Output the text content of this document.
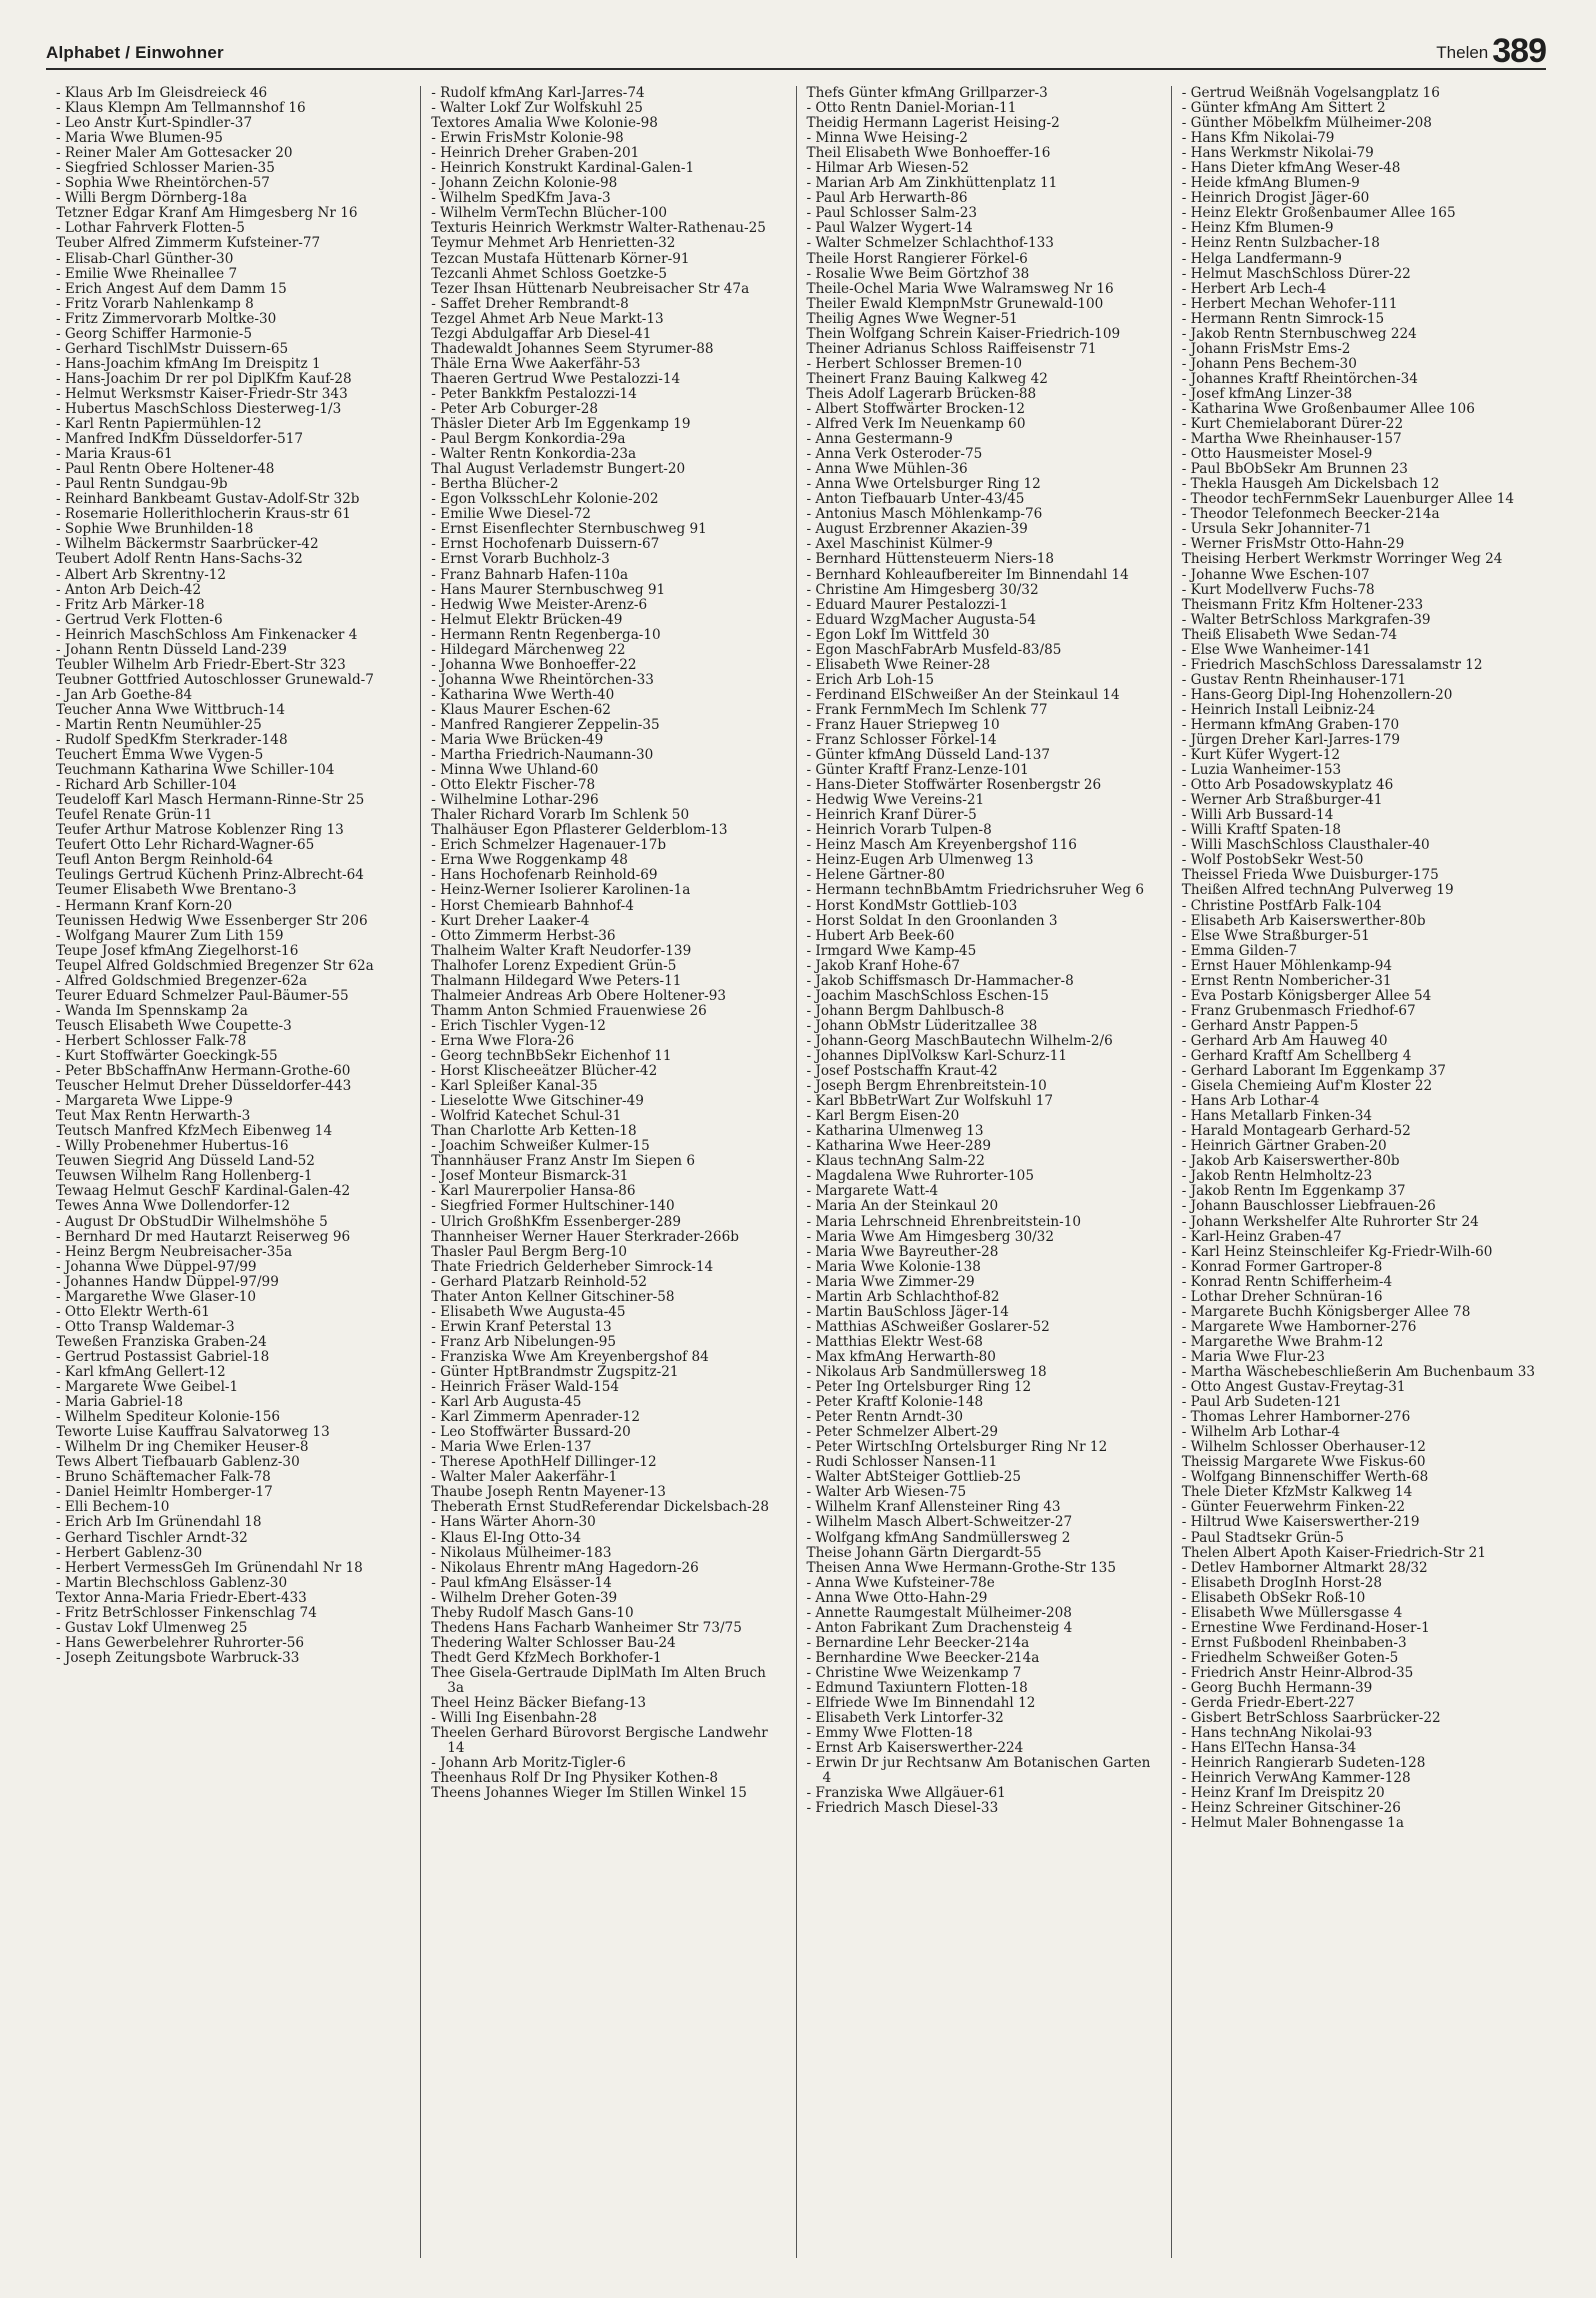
Alphabet / Einwohner	Thelen 389
- Klaus Arb Im Gleisdreieck 46
- Klaus Klempn Am Tellmannshof 16
- Leo Anstr Kurt-Spindler-37
- Maria Wwe Blumen-95
- Reiner Maler Am Gottesacker 20
- Siegfried Schlosser Marien-35
- Sophia Wwe Rheintörchen-57
- Willi Bergm Dörnberg-18a
Tetzner Edgar Kranf Am Himgesberg Nr 16
- Lothar Fahrverk Flotten-5
Teuber Alfred Zimmerm Kufsteiner-77
- Elisab-Charl Günther-30
- Emilie Wwe Rheinallee 7
- Erich Angest Auf dem Damm 15
- Fritz Vorarb Nahlenkamp 8
- Fritz Zimmervorarb Moltke-30
- Georg Schiffer Harmonie-5
- Gerhard TischlMstr Duissern-65
- Hans-Joachim kfmAng Im Dreispitz 1
- Hans-Joachim Dr rer pol DiplKfm Kauf-28
- Helmut Werksmstr Kaiser-Friedr-Str 343
- Hubertus MaschSchloss Diesterweg-1/3
- Karl Rentn Papiermühlen-12
- Manfred IndKfm Düsseldorfer-517
- Maria Kraus-61
- Paul Rentn Obere Holtener-48
- Paul Rentn Sundgau-9b
- Reinhard Bankbeamt Gustav-Adolf-Str 32b
- Rosemarie Hollerithlocherin Kraus-str 61
- Sophie Wwe Brunhilden-18
- Wilhelm Bäckermstr Saarbrücker-42
Teubert Adolf Rentn Hans-Sachs-32
- Albert Arb Skrentny-12
- Anton Arb Deich-42
- Fritz Arb Märker-18
- Gertrud Verk Flotten-6
- Heinrich MaschSchloss Am Finkenacker 4
- Johann Rentn Düsseld Land-239
Teubler Wilhelm Arb Friedr-Ebert-Str 323
Teubner Gottfried Autoschlosser Grunewald-7
- Jan Arb Goethe-84
Teucher Anna Wwe Wittbruch-14
- Martin Rentn Neumühler-25
- Rudolf SpedKfm Sterkrader-148
Teuchert Emma Wwe Vygen-5
Teuchmann Katharina Wwe Schiller-104
- Richard Arb Schiller-104
Teudeloff Karl Masch Hermann-Rinne-Str 25
Teufel Renate Grün-11
Teufer Arthur Matrose Koblenzer Ring 13
Teufert Otto Lehr Richard-Wagner-65
Teufl Anton Bergm Reinhold-64
Teulings Gertrud Küchenh Prinz-Albrecht-64
Teumer Elisabeth Wwe Brentano-3
- Hermann Kranf Korn-20
Teunissen Hedwig Wwe Essenberger Str 206
- Wolfgang Maurer Zum Lith 159
Teupe Josef kfmAng Ziegelhorst-16
Teupel Alfred Goldschmied Bregenzer Str 62a
- Alfred Goldschmied Bregenzer-62a
Teurer Eduard Schmelzer Paul-Bäumer-55
- Wanda Im Spennskamp 2a
Teusch Elisabeth Wwe Coupette-3
- Herbert Schlosser Falk-78
- Kurt Stoffwärter Goeckingk-55
- Peter BbSchaffnAnw Hermann-Grothe-60
Teuscher Helmut Dreher Düsseldorfer-443
- Margareta Wwe Lippe-9
Teut Max Rentn Herwarth-3
Teutsch Manfred KfzMech Eibenweg 14
- Willy Probenehmer Hubertus-16
Teuwen Siegrid Ang Düsseld Land-52
Teuwsen Wilhelm Rang Hollenberg-1
Tewaag Helmut GeschF Kardinal-Galen-42
Tewes Anna Wwe Dollendorfer-12
- August Dr ObStudDir Wilhelmshöhe 5
- Bernhard Dr med Hautarzt Reiserweg 96
- Heinz Bergm Neubreisacher-35a
- Johanna Wwe Düppel-97/99
- Johannes Handw Düppel-97/99
- Margarethe Wwe Glaser-10
- Otto Elektr Werth-61
- Otto Transp Waldemar-3
Teweßen Franziska Graben-24
- Gertrud Postassist Gabriel-18
- Karl kfmAng Gellert-12
- Margarete Wwe Geibel-1
- Maria Gabriel-18
- Wilhelm Spediteur Kolonie-156
Teworte Luise Kauffrau Salvatorweg 13
- Wilhelm Dr ing Chemiker Heuser-8
Tews Albert Tiefbauarb Gablenz-30
- Bruno Schäftemacher Falk-78
- Daniel Heimltr Homberger-17
- Elli Bechem-10
- Erich Arb Im Grünendahl 18
- Gerhard Tischler Arndt-32
- Herbert Gablenz-30
- Herbert VermessGeh Im Grünendahl Nr 18
- Martin Blechschloss Gablenz-30
Textor Anna-Maria Friedr-Ebert-433
- Fritz BetrSchlosser Finkenschlag 74
- Gustav Lokf Ulmenweg 25
- Hans Gewerbelehrer Ruhrorter-56
- Joseph Zeitungsbote Warbruck-33
- Rudolf kfmAng Karl-Jarres-74
- Walter Lokf Zur Wolfskuhl 25
Textores Amalia Wwe Kolonie-98
- Erwin FrisMstr Kolonie-98
- Heinrich Dreher Graben-201
- Heinrich Konstrukt Kardinal-Galen-1
- Johann Zeichn Kolonie-98
- Wilhelm SpedKfm Java-3
- Wilhelm VermTechn Blücher-100
Texturis Heinrich Werkmstr Walter-Rathenau-25
Teymur Mehmet Arb Henrietten-32
Tezcan Mustafa Hüttenarb Körner-91
Tezcanli Ahmet Schloss Goetzke-5
Tezer Ihsan Hüttenarb Neubreisacher Str 47a
- Saffet Dreher Rembrandt-8
Tezgel Ahmet Arb Neue Markt-13
Tezgi Abdulgaffar Arb Diesel-41
Thadewaldt Johannes Seem Styrumer-88
Thäle Erna Wwe Aakerfähr-53
Thaeren Gertrud Wwe Pestalozzi-14
- Peter Bankkfm Pestalozzi-14
- Peter Arb Coburger-28
Thäsler Dieter Arb Im Eggenkamp 19
- Paul Bergm Konkordia-29a
- Walter Rentn Konkordia-23a
Thal August Verlademstr Bungert-20
- Bertha Blücher-2
- Egon VolksschLehr Kolonie-202
- Emilie Wwe Diesel-72
- Ernst Eisenflechter Sternbuschweg 91
- Ernst Hochofenarb Duissern-67
- Ernst Vorarb Buchholz-3
- Franz Bahnarb Hafen-110a
- Hans Maurer Sternbuschweg 91
- Hedwig Wwe Meister-Arenz-6
- Helmut Elektr Brücken-49
- Hermann Rentn Regenberga-10
- Hildegard Märchenweg 22
- Johanna Wwe Bonhoeffer-22
- Johanna Wwe Rheintörchen-33
- Katharina Wwe Werth-40
- Klaus Maurer Eschen-62
- Manfred Rangierer Zeppelin-35
- Maria Wwe Brücken-49
- Martha Friedrich-Naumann-30
- Minna Wwe Uhland-60
- Otto Elektr Fischer-78
- Wilhelmine Lothar-296
Thaler Richard Vorarb Im Schlenk 50
Thalhäuser Egon Pflasterer Gelderblom-13
- Erich Schmelzer Hagenauer-17b
- Erna Wwe Roggenkamp 48
- Hans Hochofenarb Reinhold-69
- Heinz-Werner Isolierer Karolinen-1a
- Horst Chemiearb Bahnhof-4
- Kurt Dreher Laaker-4
- Otto Zimmerm Herbst-36
Thalheim Walter Kraft Neudorfer-139
Thalhofer Lorenz Expedient Grün-5
Thalmann Hildegard Wwe Peters-11
Thalmeier Andreas Arb Obere Holtener-93
Thamm Anton Schmied Frauenwiese 26
- Erich Tischler Vygen-12
- Erna Wwe Flora-26
- Georg technBbSekr Eichenhof 11
- Horst Klischeeätzer Blücher-42
- Karl Spleißer Kanal-35
- Lieselotte Wwe Gitschiner-49
- Wolfrid Katechet Schul-31
Than Charlotte Arb Ketten-18
- Joachim Schweißer Kulmer-15
Thannhäuser Franz Anstr Im Siepen 6
- Josef Monteur Bismarck-31
- Karl Maurerpolier Hansa-86
- Siegfried Former Hultschiner-140
- Ulrich GroßhKfm Essenberger-289
Thannheiser Werner Hauer Sterkrader-266b
Thasler Paul Bergm Berg-10
Thate Friedrich Gelderheber Simrock-14
- Gerhard Platzarb Reinhold-52
Thater Anton Kellner Gitschiner-58
- Elisabeth Wwe Augusta-45
- Erwin Kranf Peterstal 13
- Franz Arb Nibelungen-95
- Franziska Wwe Am Kreyenbergshof 84
- Günter HptBrandmstr Zugspitz-21
- Heinrich Fräser Wald-154
- Karl Arb Augusta-45
- Karl Zimmerm Apenrader-12
- Leo Stoffwärter Bussard-20
- Maria Wwe Erlen-137
- Therese ApothHelf Dillinger-12
- Walter Maler Aakerfähr-1
Thaube Joseph Rentn Mayener-13
Theberath Ernst StudReferendar Dickelsbach-28
- Hans Wärter Ahorn-30
- Klaus El-Ing Otto-34
- Nikolaus Mülheimer-183
- Nikolaus Ehrentr mAng Hagedorn-26
- Paul kfmAng Elsässer-14
- Wilhelm Dreher Goten-39
Theby Rudolf Masch Gans-10
Thedens Hans Facharb Wanheimer Str 73/75
Thedering Walter Schlosser Bau-24
Thedt Gerd KfzMech Borkhofer-1
Thee Gisela-Gertraude DiplMath Im Alten Bruch 3a
Theel Heinz Bäcker Biefang-13
- Willi Ing Eisenbahn-28
Theelen Gerhard Bürovorst Bergische Landwehr 14
- Johann Arb Moritz-Tigler-6
Theenhaus Rolf Dr Ing Physiker Kothen-8
Theens Johannes Wieger Im Stillen Winkel 15
Thefs Günter kfmAng Grillparzer-3
- Otto Rentn Daniel-Morian-11
Theidig Hermann Lagerist Heising-2
- Minna Wwe Heising-2
Theil Elisabeth Wwe Bonhoeffer-16
- Hilmar Arb Wiesen-52
- Marian Arb Am Zinkhüttenplatz 11
- Paul Arb Herwarth-86
- Paul Schlosser Salm-23
- Paul Walzer Wygert-14
- Walter Schmelzer Schlachthof-133
Theile Horst Rangierer Förkel-6
- Rosalie Wwe Beim Görtzhof 38
Theile-Ochel Maria Wwe Walramsweg Nr 16
Theiler Ewald KlempnMstr Grunewald-100
Theilig Agnes Wwe Wegner-51
Thein Wolfgang Schrein Kaiser-Friedrich-109
Theiner Adrianus Schloss Raiffeisenstr 71
- Herbert Schlosser Bremen-10
Theinert Franz Bauing Kalkweg 42
Theis Adolf Lagerarb Brücken-88
- Albert Stoffwärter Brocken-12
- Alfred Verk Im Neuenkamp 60
- Anna Gestermann-9
- Anna Verk Osteroder-75
- Anna Wwe Mühlen-36
- Anna Wwe Ortelsburger Ring 12
- Anton Tiefbauarb Unter-43/45
- Antonius Masch Möhlenkamp-76
- August Erzbrenner Akazien-39
- Axel Maschinist Külmer-9
- Bernhard Hüttensteuerm Niers-18
- Bernhard Kohleaufbereiter Im Binnendahl 14
- Christine Am Himgesberg 30/32
- Eduard Maurer Pestalozzi-1
- Eduard WzgMacher Augusta-54
- Egon Lokf Im Wittfeld 30
- Egon MaschFabrArb Musfeld-83/85
- Elisabeth Wwe Reiner-28
- Erich Arb Loh-15
- Ferdinand ElSchweißer An der Steinkaul 14
- Frank FernmMech Im Schlenk 77
- Franz Hauer Striepweg 10
- Franz Schlosser Förkel-14
- Günter kfmAng Düsseld Land-137
- Günter Kraftf Franz-Lenze-101
- Hans-Dieter Stoffwärter Rosenbergstr 26
- Hedwig Wwe Vereins-21
- Heinrich Kranf Dürer-5
- Heinrich Vorarb Tulpen-8
- Heinz Masch Am Kreyenbergshof 116
- Heinz-Eugen Arb Ulmenweg 13
- Helene Gärtner-80
- Hermann technBbAmtm Friedrichsruher Weg 6
- Horst KondMstr Gottlieb-103
- Horst Soldat In den Groonlanden 3
- Hubert Arb Beek-60
- Irmgard Wwe Kamp-45
- Jakob Kranf Hohe-67
- Jakob Schiffsmasch Dr-Hammacher-8
- Joachim MaschSchloss Eschen-15
- Johann Bergm Dahlbusch-8
- Johann ObMstr Lüderitzallee 38
- Johann-Georg MaschBautechn Wilhelm-2/6
- Johannes DiplVolksw Karl-Schurz-11
- Josef Postschaffn Kraut-42
- Joseph Bergm Ehrenbreitstein-10
- Karl BbBetrWart Zur Wolfskuhl 17
- Karl Bergm Eisen-20
- Katharina Ulmenweg 13
- Katharina Wwe Heer-289
- Klaus technAng Salm-22
- Magdalena Wwe Ruhrorter-105
- Margarete Watt-4
- Maria An der Steinkaul 20
- Maria Lehrschneid Ehrenbreitstein-10
- Maria Wwe Am Himgesberg 30/32
- Maria Wwe Bayreuther-28
- Maria Wwe Kolonie-138
- Maria Wwe Zimmer-29
- Martin Arb Schlachthof-82
- Martin BauSchloss Jäger-14
- Matthias ASchweißer Goslarer-52
- Matthias Elektr West-68
- Max kfmAng Herwarth-80
- Nikolaus Arb Sandmüllersweg 18
- Peter Ing Ortelsburger Ring 12
- Peter Kraftf Kolonie-148
- Peter Rentn Arndt-30
- Peter Schmelzer Albert-29
- Peter WirtschIng Ortelsburger Ring Nr 12
- Rudi Schlosser Nansen-11
- Walter AbtSteiger Gottlieb-25
- Walter Arb Wiesen-75
- Wilhelm Kranf Allensteiner Ring 43
- Wilhelm Masch Albert-Schweitzer-27
- Wolfgang kfmAng Sandmüllersweg 2
Theise Johann Gärtn Diergardt-55
Theisen Anna Wwe Hermann-Grothe-Str 135
- Anna Wwe Kufsteiner-78e
- Anna Wwe Otto-Hahn-29
- Annette Raumgestalt Mülheimer-208
- Anton Fabrikant Zum Drachensteig 4
- Bernardine Lehr Beecker-214a
- Bernhardine Wwe Beecker-214a
- Christine Wwe Weizenkamp 7
- Edmund Taxiuntern Flotten-18
- Elfriede Wwe Im Binnendahl 12
- Elisabeth Verk Lintorfer-32
- Emmy Wwe Flotten-18
- Ernst Arb Kaiserswerther-224
- Erwin Dr jur Rechtsanw Am Botanischen Garten 4
- Franziska Wwe Allgäuer-61
- Friedrich Masch Diesel-33
- Gertrud Weißnäh Vogelsangplatz 16
- Günter kfmAng Am Sittert 2
- Günther Möbelkfm Mülheimer-208
- Hans Kfm Nikolai-79
- Hans Werkmstr Nikolai-79
- Hans Dieter kfmAng Weser-48
- Heide kfmAng Blumen-9
- Heinrich Drogist Jäger-60
- Heinz Elektr Großenbaumer Allee 165
- Heinz Kfm Blumen-9
- Heinz Rentn Sulzbacher-18
- Helga Landfermann-9
- Helmut MaschSchloss Dürer-22
- Herbert Arb Lech-4
- Herbert Mechan Wehofer-111
- Hermann Rentn Simrock-15
- Jakob Rentn Sternbuschweg 224
- Johann FrisMstr Ems-2
- Johann Pens Bechem-30
- Johannes Kraftf Rheintörchen-34
- Josef kfmAng Linzer-38
- Katharina Wwe Großenbaumer Allee 106
- Kurt Chemielaborant Dürer-22
- Martha Wwe Rheinhauser-157
- Otto Hausmeister Mosel-9
- Paul BbObSekr Am Brunnen 23
- Thekla Hausgeh Am Dickelsbach 12
- Theodor techFernmSekr Lauenburger Allee 14
- Theodor Telefonmech Beecker-214a
- Ursula Sekr Johanniter-71
- Werner FrisMstr Otto-Hahn-29
Theising Herbert Werkmstr Worringer Weg 24
- Johanne Wwe Eschen-107
- Kurt Modellverw Fuchs-78
Theismann Fritz Kfm Holtener-233
- Walter BetrSchloss Markgrafen-39
Theiß Elisabeth Wwe Sedan-74
- Else Wwe Wanheimer-141
- Friedrich MaschSchloss Daressalamstr 12
- Gustav Rentn Rheinhauser-171
- Hans-Georg Dipl-Ing Hohenzollern-20
- Heinrich Install Leibniz-24
- Hermann kfmAng Graben-170
- Jürgen Dreher Karl-Jarres-179
- Kurt Küfer Wygert-12
- Luzia Wanheimer-153
- Otto Arb Posadowskyplatz 46
- Werner Arb Straßburger-41
- Willi Arb Bussard-14
- Willi Kraftf Spaten-18
- Willi MaschSchloss Clausthaler-40
- Wolf PostobSekr West-50
Theissel Frieda Wwe Duisburger-175
Theißen Alfred technAng Pulverweg 19
- Christine PostfArb Falk-104
- Elisabeth Arb Kaiserswerther-80b
- Else Wwe Straßburger-51
- Emma Gilden-7
- Ernst Hauer Möhlenkamp-94
- Ernst Rentn Nombericher-31
- Eva Postarb Königsberger Allee 54
- Franz Grubenmasch Friedhof-67
- Gerhard Anstr Pappen-5
- Gerhard Arb Am Hauweg 40
- Gerhard Kraftf Am Schellberg 4
- Gerhard Laborant Im Eggenkamp 37
- Gisela Chemieing Auf'm Kloster 22
- Hans Arb Lothar-4
- Hans Metallarb Finken-34
- Harald Montagearb Gerhard-52
- Heinrich Gärtner Graben-20
- Jakob Arb Kaiserswerther-80b
- Jakob Rentn Helmholtz-23
- Jakob Rentn Im Eggenkamp 37
- Johann Bauschlosser Liebfrauen-26
- Johann Werkshelfer Alte Ruhrorter Str 24
- Karl-Heinz Graben-47
- Karl Heinz Steinschleifer Kg-Friedr-Wilh-60
- Konrad Former Gartroper-8
- Konrad Rentn Schifferheim-4
- Lothar Dreher Schnüran-16
- Margarete Buchh Königsberger Allee 78
- Margarete Wwe Hamborner-276
- Margarethe Wwe Brahm-12
- Maria Wwe Flur-23
- Martha Wäschebeschließerin Am Buchenbaum 33
- Otto Angest Gustav-Freytag-31
- Paul Arb Sudeten-121
- Thomas Lehrer Hamborner-276
- Wilhelm Arb Lothar-4
- Wilhelm Schlosser Oberhauser-12
Theissig Margarete Wwe Fiskus-60
- Wolfgang Binnenschiffer Werth-68
Thele Dieter KfzMstr Kalkweg 14
- Günter Feuerwehrm Finken-22
- Hiltrud Wwe Kaiserswerther-219
- Paul Stadtsekr Grün-5
Thelen Albert Apoth Kaiser-Friedrich-Str 21
- Detlev Hamborner Altmarkt 28/32
- Elisabeth DrogInh Horst-28
- Elisabeth ObSekr Roß-10
- Elisabeth Wwe Müllersgasse 4
- Ernestine Wwe Ferdinand-Hoser-1
- Ernst Fußbodenl Rheinbaben-3
- Friedhelm Schweißer Goten-5
- Friedrich Anstr Heinr-Albrod-35
- Georg Buchh Hermann-39
- Gerda Friedr-Ebert-227
- Gisbert BetrSchloss Saarbrücker-22
- Hans technAng Nikolai-93
- Hans ElTechn Hansa-34
- Heinrich Rangierarb Sudeten-128
- Heinrich VerwAng Kammer-128
- Heinz Kranf Im Dreispitz 20
- Heinz Schreiner Gitschiner-26
- Helmut Maler Bohnengasse 1a
